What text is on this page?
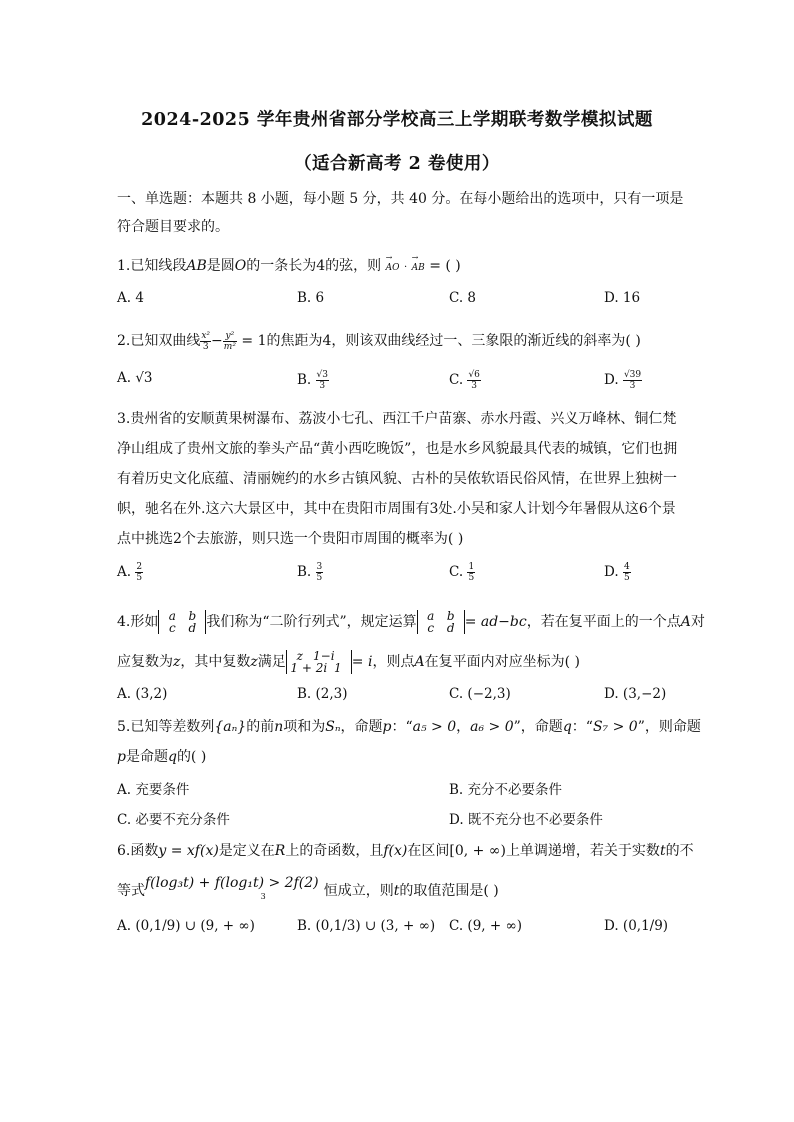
2024-2025 学年贵州省部分学校高三上学期联考数学模拟试题
（适合新高考 2 卷使用）
一、单选题：本题共 8 小题，每小题 5 分，共 40 分。在每小题给出的选项中，只有一项是
符合题目要求的。
1.已知线段AB是圆O的一条长为4的弦，则 → AO · → AB = ( )
A. 4	B. 6	C. 8	D. 16
2.已知双曲线 $\frac{\text{x²}}{3} - \frac{\text{y²}}{\text{m²}} = 1$的焦距为4，则该双曲线经过一、三象限的渐近线的斜率为( )
A. √3	B. $\frac{√3}{3}$	C. $\frac{√6}{3}$	D. $\frac{√39}{3}$
3.贵州省的安顺黄果树瀑布、荔波小七孔、西江千户苗寨、赤水丹霞、兴义万峰林、铜仁梵
净山组成了贵州文旅的拳头产品“黄小西吃晚饭”，也是水乡风貌最具代表的城镇，它们也拥
有着历史文化底蕴、清丽婉约的水乡古镇风貌、古朴的吴侬软语民俗风情，在世界上独树一
帜，驰名在外.这六大景区中，其中在贵阳市周围有3处.小吴和家人计划今年暑假从这6个景
点中挑选2个去旅游，则只选一个贵阳市周围的概率为( )
A. $\frac{2}{5}$	B. $\frac{3}{5}$	C. $\frac{1}{5}$	D. $\frac{4}{5}$
4.形如 a b
c d 我们称为“二阶行列式”，规定运算 a b
c d = ad−bc，若在复平面上的一个点A对
应复数为z，其中复数z满足 z 1−i
1 + 2i 1 = i，则点A在复平面内对应坐标为( )
A. (3,2)	B. (2,3)	C. (−2,3)	D. (3,−2)
5.已知等差数列{aₙ}的前n项和为Sₙ，命题p：“a₅ > 0，a₆ > 0”，命题q：“S₇ > 0”，则命题
p是命题q的( )
A. 充要条件	B. 充分不必要条件
C. 必要不充分条件	D. 既不充分也不必要条件
6.函数y = xf(x)是定义在R上的奇函数，且f(x)在区间[0, + ∞)上单调递增，若关于实数t的不
等式$f(\log_3t) + f(\log_1t) > 2f(2)_3$	恒成立，则t的取值范围是( )
A. (0,1/9) ∪ (9, + ∞)	B. (0,1/3) ∪ (3, + ∞) C. (9, + ∞)	D. (0,1/9)
